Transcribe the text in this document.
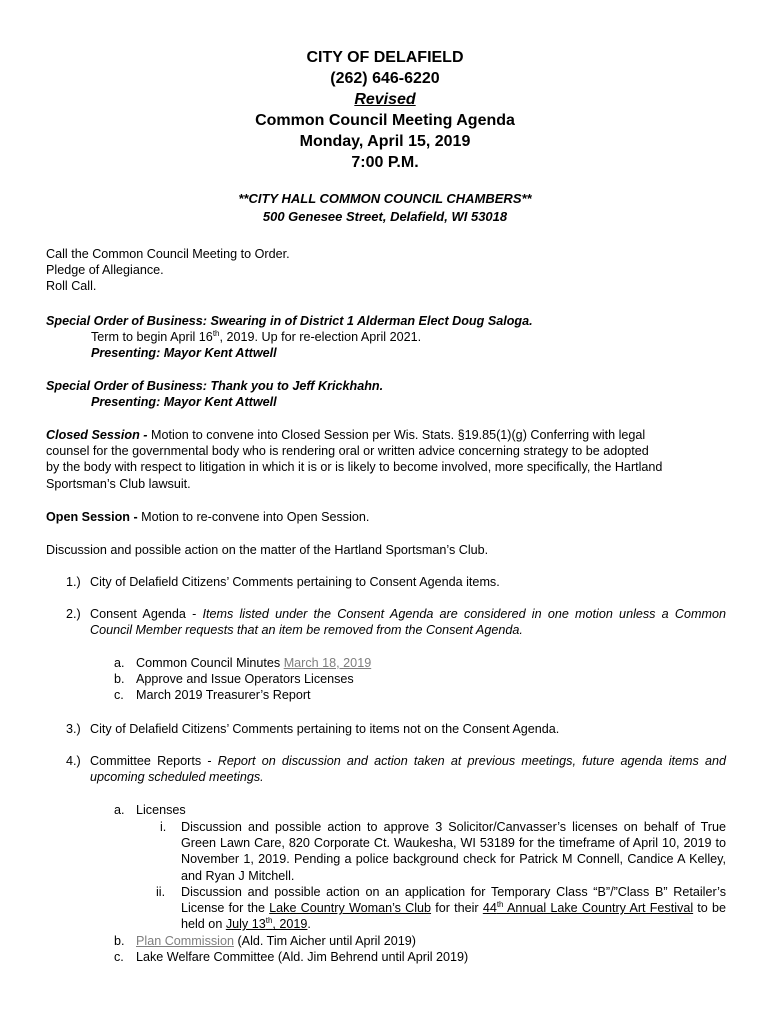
CITY OF DELAFIELD
(262) 646-6220
Revised
Common Council Meeting Agenda
Monday, April 15, 2019
7:00 P.M.
**CITY HALL COMMON COUNCIL CHAMBERS**
500 Genesee Street, Delafield, WI 53018
Call the Common Council Meeting to Order.
Pledge of Allegiance.
Roll Call.
Special Order of Business: Swearing in of District 1 Alderman Elect Doug Saloga.
Term to begin April 16th, 2019. Up for re-election April 2021.
Presenting: Mayor Kent Attwell
Special Order of Business: Thank you to Jeff Krickhahn.
Presenting: Mayor Kent Attwell
Closed Session - Motion to convene into Closed Session per Wis. Stats. §19.85(1)(g) Conferring with legal
counsel for the governmental body who is rendering oral or written advice concerning strategy to be adopted
by the body with respect to litigation in which it is or is likely to become involved, more specifically, the Hartland
Sportsman’s Club lawsuit.
Open Session - Motion to re-convene into Open Session.
Discussion and possible action on the matter of the Hartland Sportsman’s Club.
1.) City of Delafield Citizens’ Comments pertaining to Consent Agenda items.
2.) Consent Agenda - Items listed under the Consent Agenda are considered in one motion unless a Common Council Member requests that an item be removed from the Consent Agenda.
a. Common Council Minutes March 18, 2019
b. Approve and Issue Operators Licenses
c. March 2019 Treasurer’s Report
3.) City of Delafield Citizens’ Comments pertaining to items not on the Consent Agenda.
4.) Committee Reports - Report on discussion and action taken at previous meetings, future agenda items and upcoming scheduled meetings.
a. Licenses
i. Discussion and possible action to approve 3 Solicitor/Canvasser’s licenses on behalf of True Green Lawn Care, 820 Corporate Ct. Waukesha, WI 53189 for the timeframe of April 10, 2019 to November 1, 2019. Pending a police background check for Patrick M Connell, Candice A Kelley, and Ryan J Mitchell.
ii. Discussion and possible action on an application for Temporary Class “B”/”Class B” Retailer’s License for the Lake Country Woman’s Club for their 44th Annual Lake Country Art Festival to be held on July 13th, 2019.
b. Plan Commission (Ald. Tim Aicher until April 2019)
c. Lake Welfare Committee (Ald. Jim Behrend until April 2019)
